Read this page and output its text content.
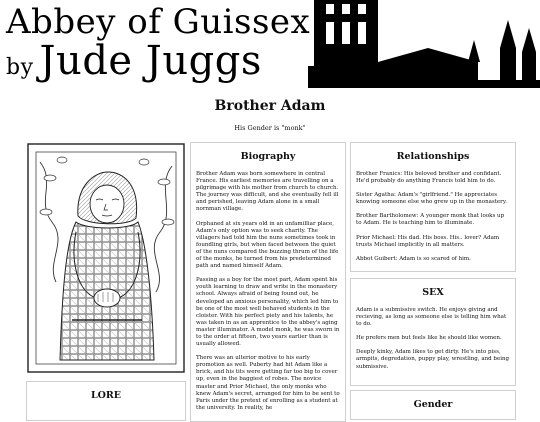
Abbey of Guissex
by Jude Juggs
Brother Adam
His Gender is "monk"
LORE
Biography

Brother Adam was born somewhere in central France. His earliest memories are travelling on a pilgrimage with his mother from church to church. The journey was difficult, and she eventually fell ill and perished, leaving Adam alone in a small nornman village.

Orphaned at six years old in an unfamilliar place, Adam's only option was to seek charity. The villagers had told him the nuns sometimes took in foundling girls, but when faced between the quiet of the nuns compared the buzzing thrum of the life of the monks, he turned from his predetermined path and named himself Adam.

Passing as a boy for the most part, Adam spent his youth learning to draw and write in the monastery school. Always afraid of being found out, he developed an anxious personality, which led him to be one of the most well behaved students in the cloister. With his perfect piety and his talents, he was taken in as an apprentice to the abbey's aging master illuminator. A model monk, he was sworn in to the order at fifteen, two years earlier than is usually allowed.

There was an ulterior motive to his early promotion as well. Puberty had hit Adam like a brick, and his tits were getting far too big to cover up, even in the baggiest of robes. The novice master and Prior Michael, the only monks who knew Adam's secret, arranged for him to be sent to Paris under the pretext of enrolling as a student at the university. In reality, he

Relationships

Brother Franics: His beloved brother and confidant. He'd probably do anything Francis told him to do.

Sister Agatha: Adam's "girlfriend." He appreciates knowing someone else who grew up in the monastery.

Brother Bartholomew: A younger monk that looks up to Adam. He is teaching him to illuminate.

Prior Michael: His dad. His boss. His.. lover? Adam trusts Michael implicitly in all matters.

Abbot Guibert: Adam is so scared of him.

SEX

Adam is a submissive switch. He enjoys giving and recieving, as long as someone else is telling him what to do.

He prefers men but feels like he should like women.

Deeply kinky, Adam likes to get dirty. He's into piss, armpits, degredation, puppy play, wrestling, and being submissive.

Gender
